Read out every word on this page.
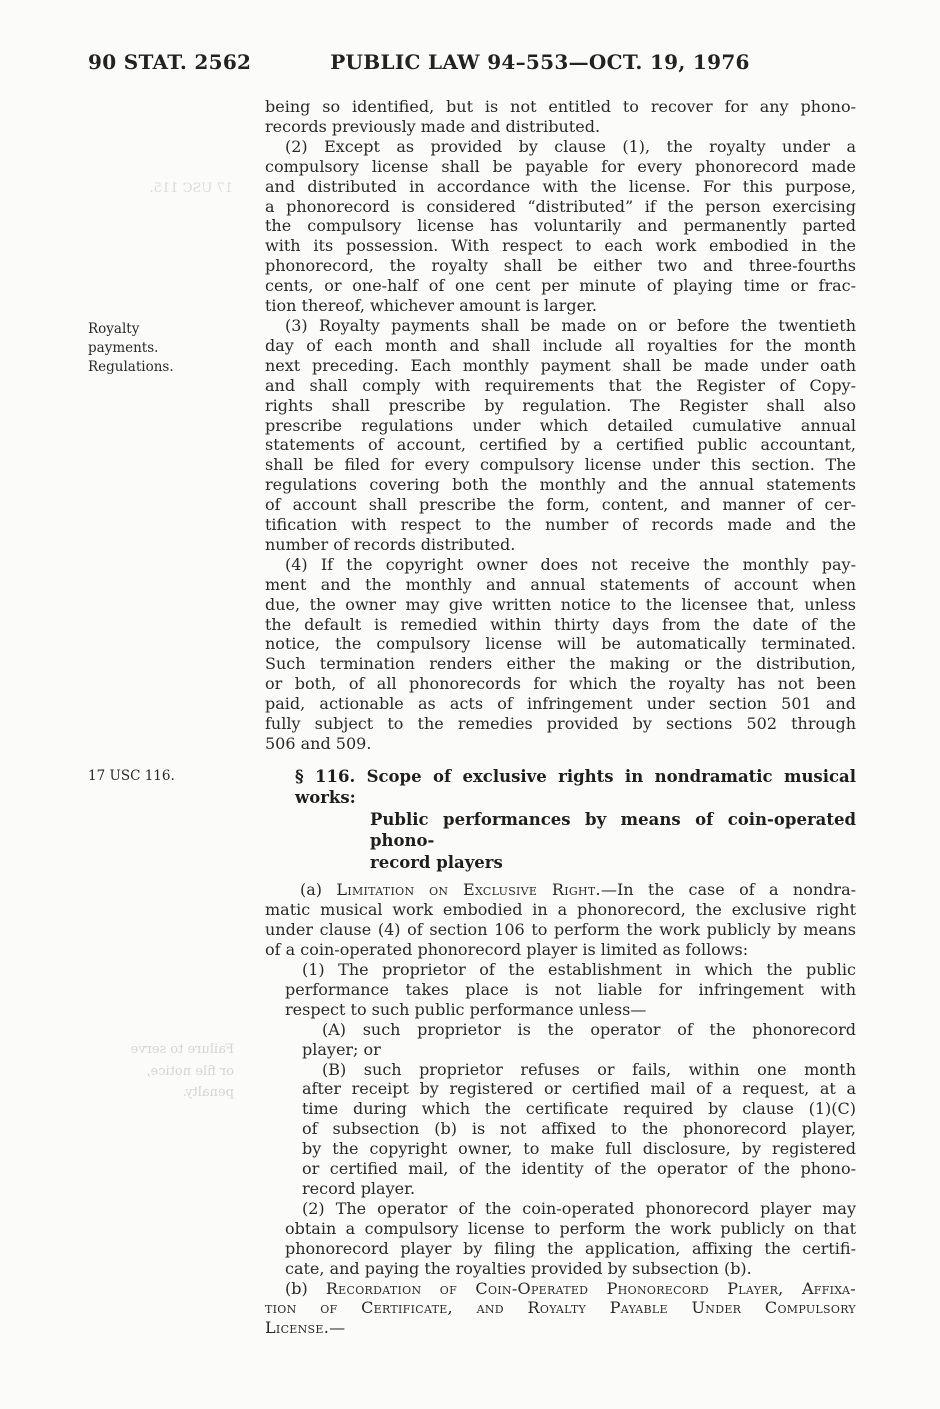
90 STAT. 2562	PUBLIC LAW 94–553—OCT. 19, 1976
Royalty
payments.
Regulations.
17 USC 116.
17 USC 115.
Failure to serve
or file notice,
penalty.
being so identified, but is not entitled to recover for any phono-
records previously made and distributed.
(2) Except as provided by clause (1), the royalty under a
compulsory license shall be payable for every phonorecord made
and distributed in accordance with the license. For this purpose,
a phonorecord is considered “distributed” if the person exercising
the compulsory license has voluntarily and permanently parted
with its possession. With respect to each work embodied in the
phonorecord, the royalty shall be either two and three-fourths
cents, or one-half of one cent per minute of playing time or frac-
tion thereof, whichever amount is larger.
(3) Royalty payments shall be made on or before the twentieth
day of each month and shall include all royalties for the month
next preceding. Each monthly payment shall be made under oath
and shall comply with requirements that the Register of Copy-
rights shall prescribe by regulation. The Register shall also
prescribe regulations under which detailed cumulative annual
statements of account, certified by a certified public accountant,
shall be filed for every compulsory license under this section. The
regulations covering both the monthly and the annual statements
of account shall prescribe the form, content, and manner of cer-
tification with respect to the number of records made and the
number of records distributed.
(4) If the copyright owner does not receive the monthly pay-
ment and the monthly and annual statements of account when
due, the owner may give written notice to the licensee that, unless
the default is remedied within thirty days from the date of the
notice, the compulsory license will be automatically terminated.
Such termination renders either the making or the distribution,
or both, of all phonorecords for which the royalty has not been
paid, actionable as acts of infringement under section 501 and
fully subject to the remedies provided by sections 502 through
506 and 509.
§ 116. Scope of exclusive rights in nondramatic musical works:
Public performances by means of coin-operated phono-
record players
(a) Limitation on Exclusive Right.—In the case of a nondra-
matic musical work embodied in a phonorecord, the exclusive right
under clause (4) of section 106 to perform the work publicly by means
of a coin-operated phonorecord player is limited as follows:
(1) The proprietor of the establishment in which the public
performance takes place is not liable for infringement with
respect to such public performance unless—
(A) such proprietor is the operator of the phonorecord
player; or
(B) such proprietor refuses or fails, within one month
after receipt by registered or certified mail of a request, at a
time during which the certificate required by clause (1)(C)
of subsection (b) is not affixed to the phonorecord player,
by the copyright owner, to make full disclosure, by registered
or certified mail, of the identity of the operator of the phono-
record player.
(2) The operator of the coin-operated phonorecord player may
obtain a compulsory license to perform the work publicly on that
phonorecord player by filing the application, affixing the certifi-
cate, and paying the royalties provided by subsection (b).
(b) Recordation of Coin-Operated Phonorecord Player, Affixa-
tion of Certificate, and Royalty Payable Under Compulsory
License.—
